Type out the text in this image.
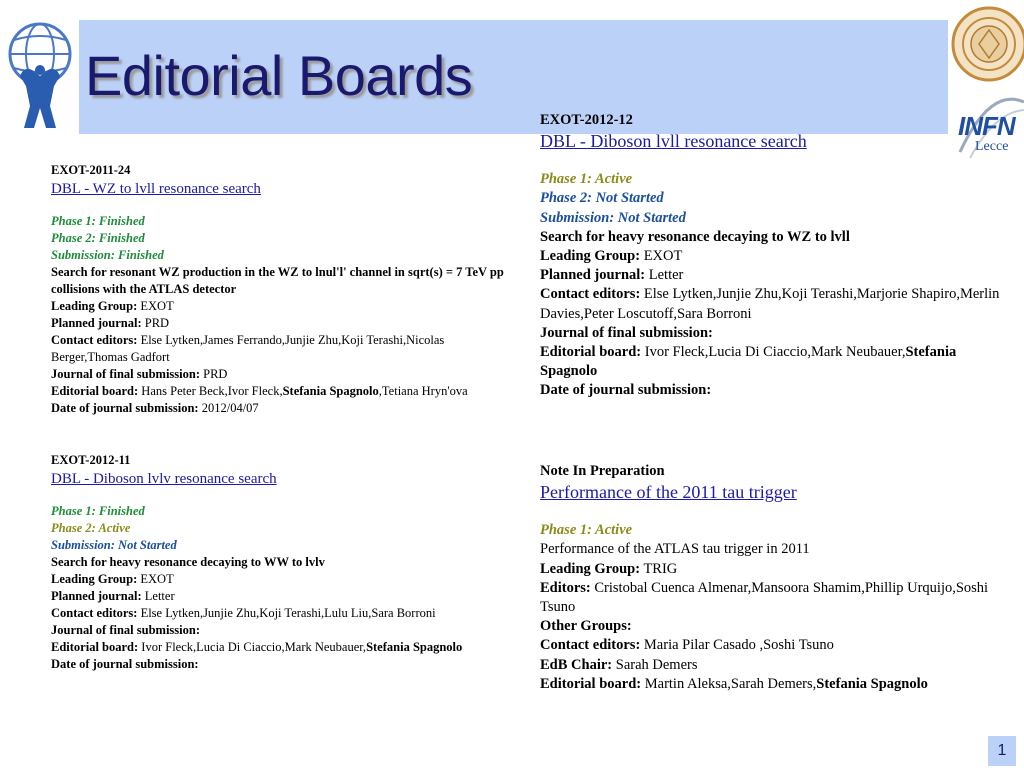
Editorial Boards
INFN
Lecce
EXOT-2011-24
DBL - WZ to lvll resonance search
Phase 1: Finished
Phase 2: Finished
Submission: Finished
Search for resonant WZ production in the WZ to lnul'l' channel in sqrt(s) = 7 TeV pp collisions with the ATLAS detector
Leading Group: EXOT
Planned journal: PRD
Contact editors: Else Lytken,James Ferrando,Junjie Zhu,Koji Terashi,Nicolas Berger,Thomas Gadfort
Journal of final submission: PRD
Editorial board: Hans Peter Beck,Ivor Fleck,Stefania Spagnolo,Tetiana Hryn'ova
Date of journal submission: 2012/04/07
EXOT-2012-11
DBL - Diboson lvlv resonance search
Phase 1: Finished
Phase 2: Active
Submission: Not Started
Search for heavy resonance decaying to WW to lvlv
Leading Group: EXOT
Planned journal: Letter
Contact editors: Else Lytken,Junjie Zhu,Koji Terashi,Lulu Liu,Sara Borroni
Journal of final submission:
Editorial board: Ivor Fleck,Lucia Di Ciaccio,Mark Neubauer,Stefania Spagnolo
Date of journal submission:
EXOT-2012-12
DBL - Diboson lvll resonance search
Phase 1: Active
Phase 2: Not Started
Submission: Not Started
Search for heavy resonance decaying to WZ to lvll
Leading Group: EXOT
Planned journal: Letter
Contact editors: Else Lytken,Junjie Zhu,Koji Terashi,Marjorie Shapiro,Merlin Davies,Peter Loscutoff,Sara Borroni
Journal of final submission:
Editorial board: Ivor Fleck,Lucia Di Ciaccio,Mark Neubauer,Stefania Spagnolo
Date of journal submission:
Note In Preparation
Performance of the 2011 tau trigger
Phase 1: Active
Performance of the ATLAS tau trigger in 2011
Leading Group: TRIG
Editors: Cristobal Cuenca Almenar,Mansoora Shamim,Phillip Urquijo,Soshi Tsuno
Other Groups:
Contact editors: Maria Pilar Casado ,Soshi Tsuno
EdB Chair: Sarah Demers
Editorial board: Martin Aleksa,Sarah Demers,Stefania Spagnolo
1
